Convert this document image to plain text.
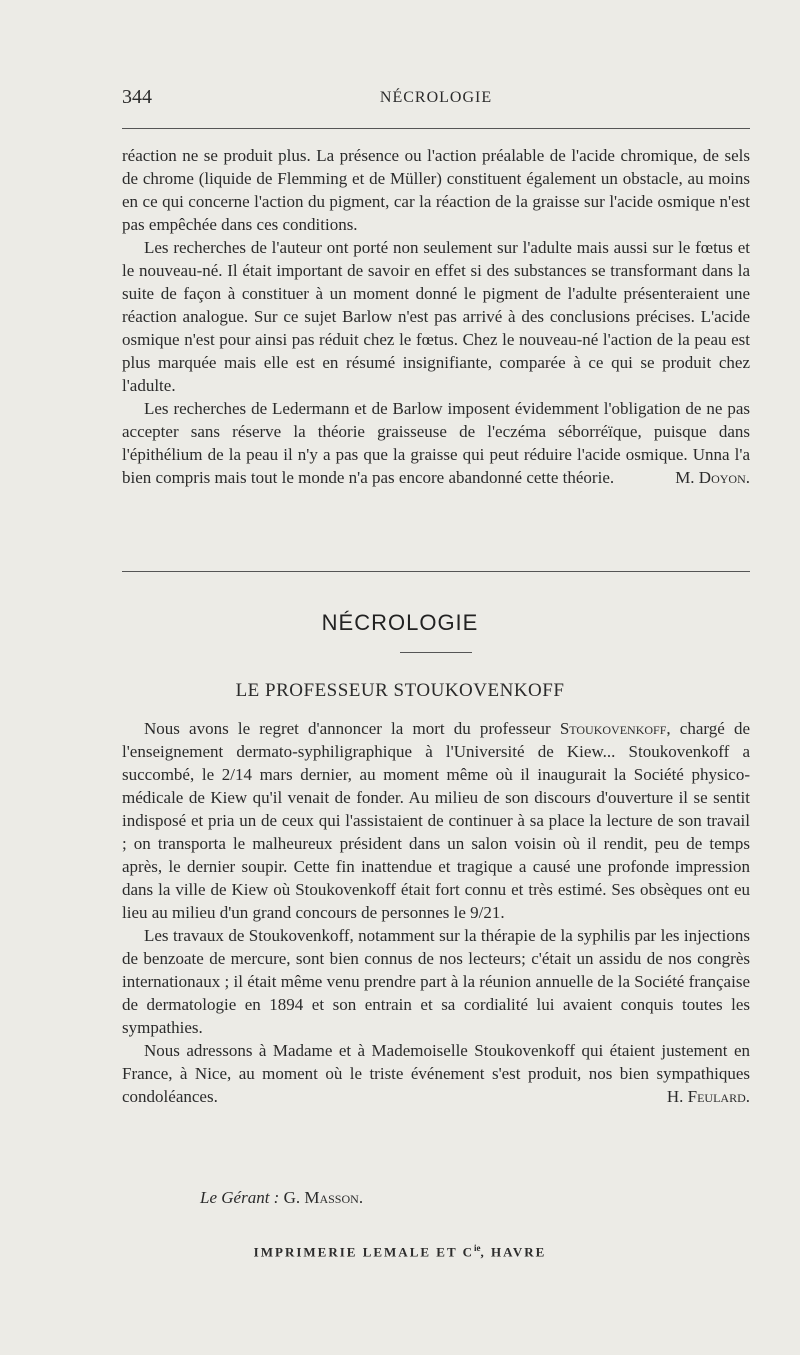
344	NÉCROLOGIE

réaction ne se produit plus. La présence ou l'action préalable de l'acide chromique, de sels de chrome (liquide de Flemming et de Müller) constituent également un obstacle, au moins en ce qui concerne l'action du pigment, car la réaction de la graisse sur l'acide osmique n'est pas empêchée dans ces conditions.

Les recherches de l'auteur ont porté non seulement sur l'adulte mais aussi sur le fœtus et le nouveau-né. Il était important de savoir en effet si des substances se transformant dans la suite de façon à constituer à un moment donné le pigment de l'adulte présenteraient une réaction analogue. Sur ce sujet Barlow n'est pas arrivé à des conclusions précises. L'acide osmique n'est pour ainsi pas réduit chez le fœtus. Chez le nouveau-né l'action de la peau est plus marquée mais elle est en résumé insignifiante, comparée à ce qui se produit chez l'adulte.

Les recherches de Ledermann et de Barlow imposent évidemment l'obligation de ne pas accepter sans réserve la théorie graisseuse de l'eczéma séborréïque, puisque dans l'épithélium de la peau il n'y a pas que la graisse qui peut réduire l'acide osmique. Unna l'a bien compris mais tout le monde n'a pas encore abandonné cette théorie.	M. Doyon.

NÉCROLOGIE
LE PROFESSEUR STOUKOVENKOFF

Nous avons le regret d'annoncer la mort du professeur Stoukovenkoff, chargé de l'enseignement dermato-syphiligraphique à l'Université de Kiew... Stoukovenkoff a succombé, le 2/14 mars dernier, au moment même où il inaugurait la Société physico-médicale de Kiew qu'il venait de fonder. Au milieu de son discours d'ouverture il se sentit indisposé et pria un de ceux qui l'assistaient de continuer à sa place la lecture de son travail ; on transporta le malheureux président dans un salon voisin où il rendit, peu de temps après, le dernier soupir. Cette fin inattendue et tragique a causé une profonde impression dans la ville de Kiew où Stoukovenkoff était fort connu et très estimé. Ses obsèques ont eu lieu au milieu d'un grand concours de personnes le 9/21.

Les travaux de Stoukovenkoff, notamment sur la thérapie de la syphilis par les injections de benzoate de mercure, sont bien connus de nos lecteurs; c'était un assidu de nos congrès internationaux ; il était même venu prendre part à la réunion annuelle de la Société française de dermatologie en 1894 et son entrain et sa cordialité lui avaient conquis toutes les sympathies.

Nous adressons à Madame et à Mademoiselle Stoukovenkoff qui étaient justement en France, à Nice, au moment où le triste événement s'est produit, nos bien sympathiques condoléances.	H. Feulard.

Le Gérant : G. Masson.
IMPRIMERIE LEMALE ET $C^{ie}$, HAVRE
